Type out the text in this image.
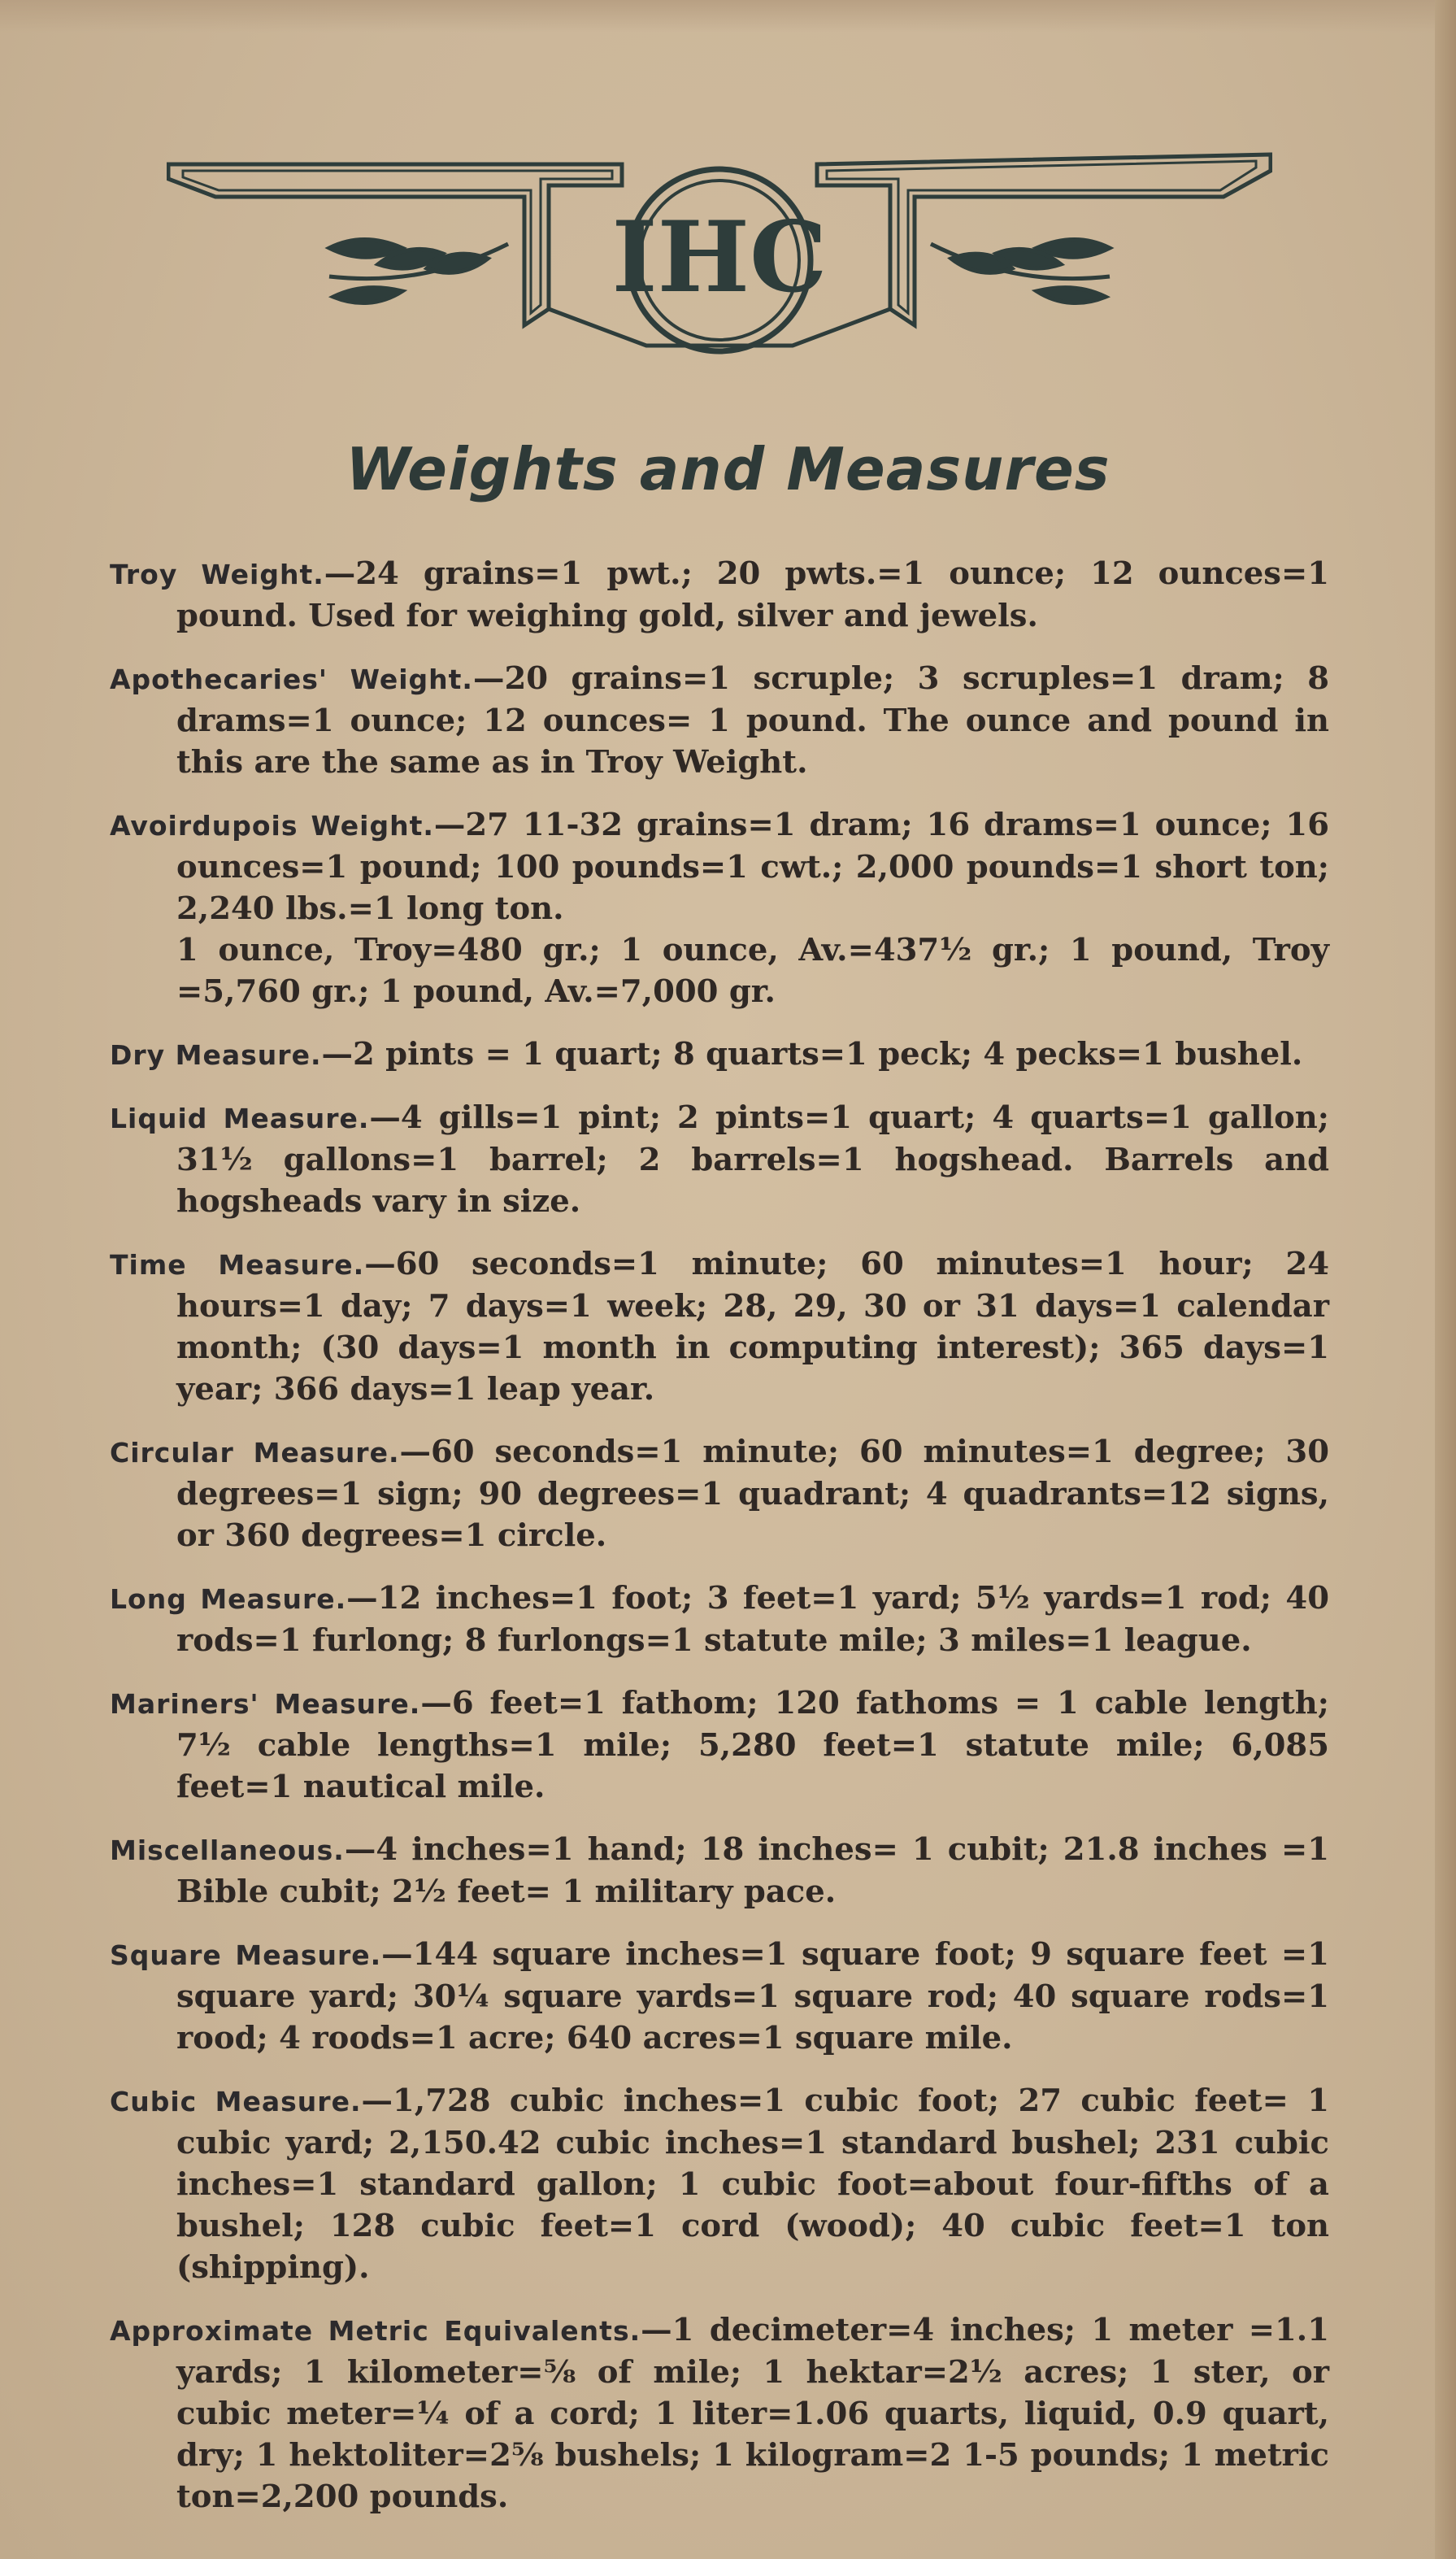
IHC
Weights and Measures

Troy Weight.—24 grains=1 pwt.; 20 pwts.=1 ounce; 12 ounces=1 pound. Used for weighing gold, silver and jewels.

Apothecaries' Weight.—20 grains=1 scruple; 3 scruples=1 dram; 8 drams=1 ounce; 12 ounces= 1 pound. The ounce and pound in this are the same as in Troy Weight.

Avoirdupois Weight.—27 11-32 grains=1 dram; 16 drams=1 ounce; 16 ounces=1 pound; 100 pounds=1 cwt.; 2,000 pounds=1 short ton; 2,240 lbs.=1 long ton.
1 ounce, Troy=480 gr.; 1 ounce, Av.=437½ gr.; 1 pound, Troy =5,760 gr.; 1 pound, Av.=7,000 gr.

Dry Measure.—2 pints = 1 quart; 8 quarts=1 peck; 4 pecks=1 bushel.

Liquid Measure.—4 gills=1 pint; 2 pints=1 quart; 4 quarts=1 gallon; 31½ gallons=1 barrel; 2 barrels=1 hogshead. Barrels and hogsheads vary in size.

Time Measure.—60 seconds=1 minute; 60 minutes=1 hour; 24 hours=1 day; 7 days=1 week; 28, 29, 30 or 31 days=1 calendar month; (30 days=1 month in computing interest); 365 days=1 year; 366 days=1 leap year.

Circular Measure.—60 seconds=1 minute; 60 minutes=1 degree; 30 degrees=1 sign; 90 degrees=1 quadrant; 4 quadrants=12 signs, or 360 degrees=1 circle.

Long Measure.—12 inches=1 foot; 3 feet=1 yard; 5½ yards=1 rod; 40 rods=1 furlong; 8 furlongs=1 statute mile; 3 miles=1 league.

Mariners' Measure.—6 feet=1 fathom; 120 fathoms = 1 cable length; 7½ cable lengths=1 mile; 5,280 feet=1 statute mile; 6,085 feet=1 nautical mile.

Miscellaneous.—4 inches=1 hand; 18 inches= 1 cubit; 21.8 inches =1 Bible cubit; 2½ feet= 1 military pace.

Square Measure.—144 square inches=1 square foot; 9 square feet =1 square yard; 30¼ square yards=1 square rod; 40 square rods=1 rood; 4 roods=1 acre; 640 acres=1 square mile.

Cubic Measure.—1,728 cubic inches=1 cubic foot; 27 cubic feet= 1 cubic yard; 2,150.42 cubic inches=1 standard bushel; 231 cubic inches=1 standard gallon; 1 cubic foot=about four-fifths of a bushel; 128 cubic feet=1 cord (wood); 40 cubic feet=1 ton (shipping).

Approximate Metric Equivalents.—1 decimeter=4 inches; 1 meter =1.1 yards; 1 kilometer=⅝ of mile; 1 hektar=2½ acres; 1 ster, or cubic meter=¼ of a cord; 1 liter=1.06 quarts, liquid, 0.9 quart, dry; 1 hektoliter=2⅝ bushels; 1 kilogram=2 1-5 pounds; 1 metric ton=2,200 pounds.
